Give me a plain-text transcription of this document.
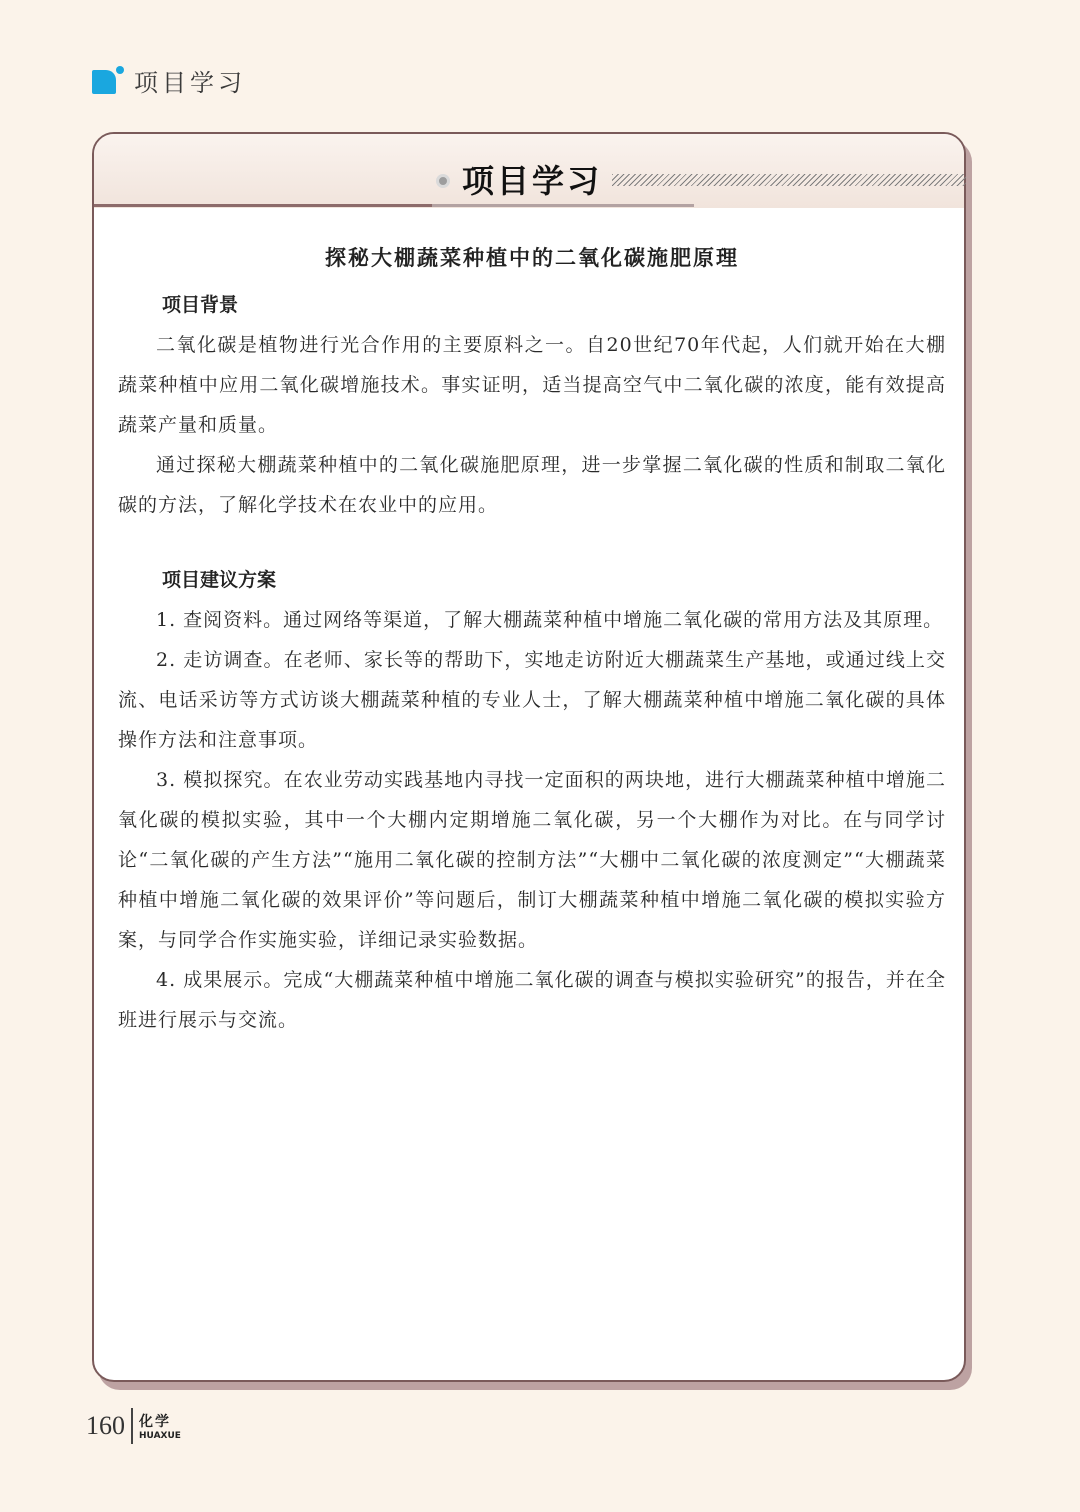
项目学习
项目学习
探秘大棚蔬菜种植中的二氧化碳施肥原理
项目背景

二氧化碳是植物进行光合作用的主要原料之一。自20世纪70年代起，人们就开始在大棚蔬菜种植中应用二氧化碳增施技术。事实证明，适当提高空气中二氧化碳的浓度，能有效提高蔬菜产量和质量。

通过探秘大棚蔬菜种植中的二氧化碳施肥原理，进一步掌握二氧化碳的性质和制取二氧化碳的方法，了解化学技术在农业中的应用。

项目建议方案

1. 查阅资料。通过网络等渠道，了解大棚蔬菜种植中增施二氧化碳的常用方法及其原理。

2. 走访调查。在老师、家长等的帮助下，实地走访附近大棚蔬菜生产基地，或通过线上交流、电话采访等方式访谈大棚蔬菜种植的专业人士，了解大棚蔬菜种植中增施二氧化碳的具体操作方法和注意事项。

3. 模拟探究。在农业劳动实践基地内寻找一定面积的两块地，进行大棚蔬菜种植中增施二氧化碳的模拟实验，其中一个大棚内定期增施二氧化碳，另一个大棚作为对比。在与同学讨论“二氧化碳的产生方法”“施用二氧化碳的控制方法”“大棚中二氧化碳的浓度测定”“大棚蔬菜种植中增施二氧化碳的效果评价”等问题后，制订大棚蔬菜种植中增施二氧化碳的模拟实验方案，与同学合作实施实验，详细记录实验数据。

4. 成果展示。完成“大棚蔬菜种植中增施二氧化碳的调查与模拟实验研究”的报告，并在全班进行展示与交流。

160 化学
HUAXUE
